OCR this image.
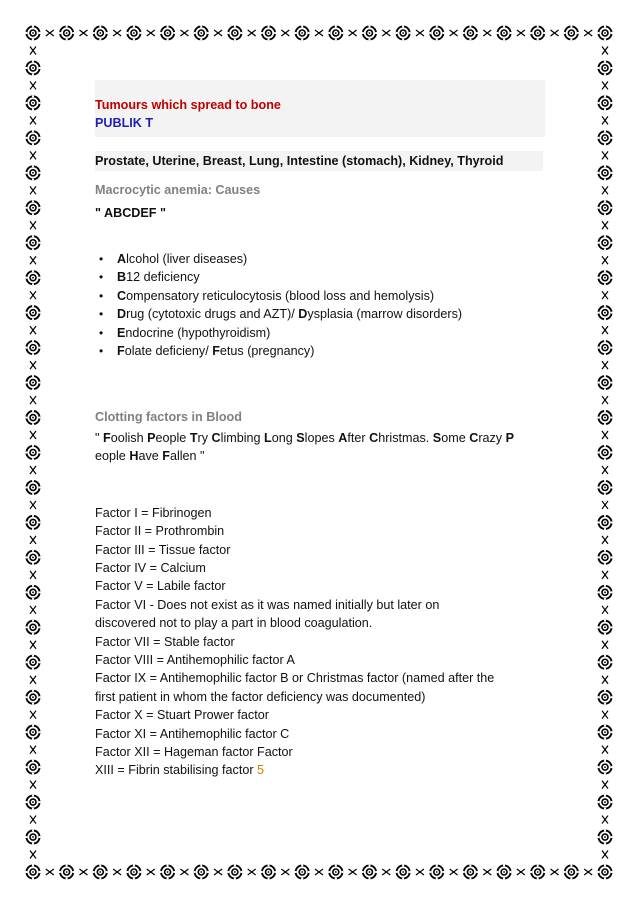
Tumours which spread to bone
PUBLIK T
Prostate, Uterine, Breast, Lung, Intestine (stomach), Kidney, Thyroid
Macrocytic anemia: Causes
" ABCDEF "
• Alcohol (liver diseases)
• B12 deficiency
• Compensatory reticulocytosis (blood loss and hemolysis)
• Drug (cytotoxic drugs and AZT)/ Dysplasia (marrow disorders)
• Endocrine (hypothyroidism)
• Folate deficieny/ Fetus (pregnancy)
Clotting factors in Blood
" Foolish People Try Climbing Long Slopes After Christmas. Some Crazy P
eople Have Fallen "
Factor I = Fibrinogen
Factor II = Prothrombin
Factor III = Tissue factor
Factor IV = Calcium
Factor V = Labile factor
Factor VI - Does not exist as it was named initially but later on
discovered not to play a part in blood coagulation.
Factor VII = Stable factor
Factor VIII = Antihemophilic factor A
Factor IX = Antihemophilic factor B or Christmas factor (named after the
first patient in whom the factor deficiency was documented)
Factor X = Stuart Prower factor
Factor XI = Antihemophilic factor C
Factor XII = Hageman factor Factor
XIII = Fibrin stabilising factor 5
